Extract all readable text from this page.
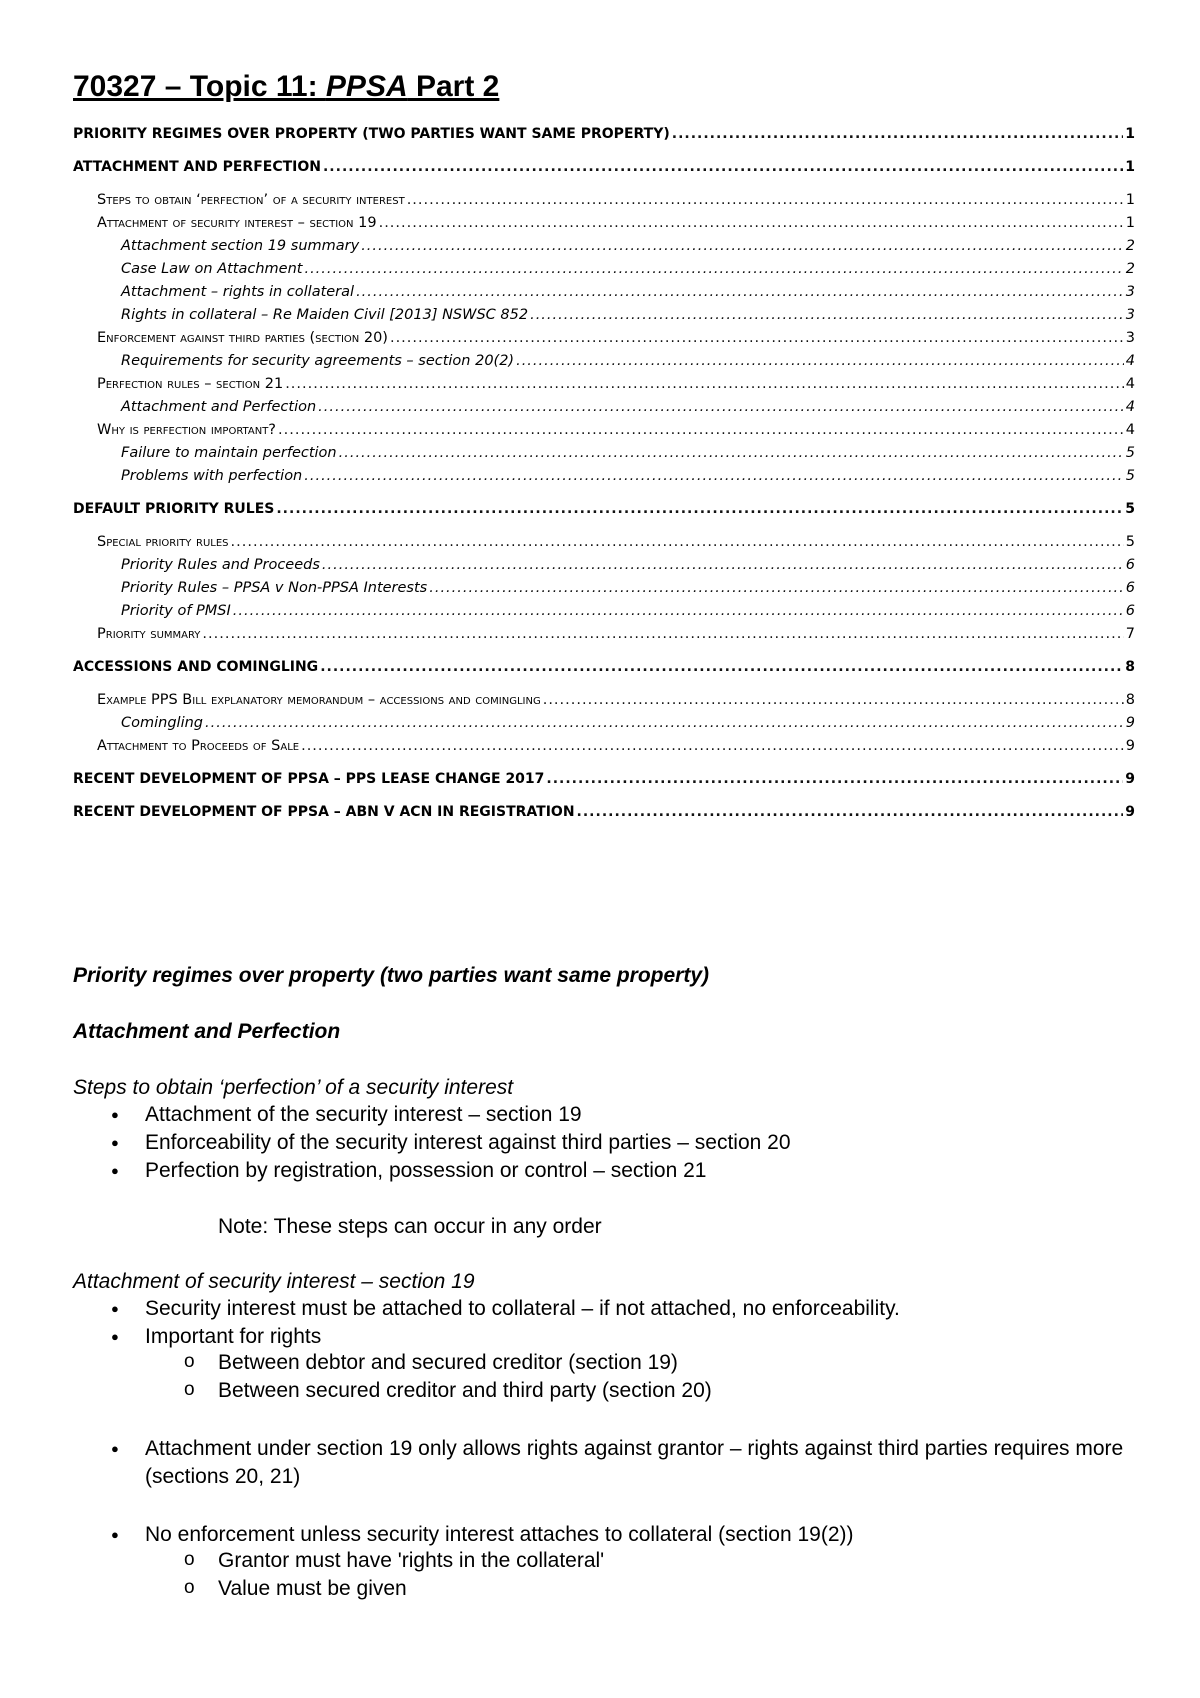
70327 – Topic 11: PPSA Part 2
PRIORITY REGIMES OVER PROPERTY (TWO PARTIES WANT SAME PROPERTY) .....	1
ATTACHMENT AND PERFECTION .....	1
Steps to obtain ‘perfection’ of a security interest .....	1
Attachment of security interest – section 19 .....	1
Attachment section 19 summary .....	2
Case Law on Attachment .....	2
Attachment – rights in collateral .....	3
Rights in collateral – Re Maiden Civil [2013] NSWSC 852 .....	3
Enforcement against third parties (section 20) .....	3
Requirements for security agreements – section 20(2) .....	4
Perfection rules – section 21 .....	4
Attachment and Perfection .....	4
Why is perfection important? .....	4
Failure to maintain perfection .....	5
Problems with perfection .....	5
DEFAULT PRIORITY RULES .....	5
Special priority rules .....	5
Priority Rules and Proceeds .....	6
Priority Rules – PPSA v Non-PPSA Interests .....	6
Priority of PMSI .....	6
Priority summary .....	7
ACCESSIONS AND COMINGLING .....	8
Example PPS Bill explanatory memorandum – accessions and comingling .....	8
Comingling .....	9
Attachment to Proceeds of Sale .....	9
RECENT DEVELOPMENT OF PPSA – PPS LEASE CHANGE 2017 .....	9
RECENT DEVELOPMENT OF PPSA – ABN V ACN IN REGISTRATION .....	9
Priority regimes over property (two parties want same property)
Attachment and Perfection
Steps to obtain ‘perfection’ of a security interest
● Attachment of the security interest – section 19
● Enforceability of the security interest against third parties – section 20
● Perfection by registration, possession or control – section 21
Note: These steps can occur in any order
Attachment of security interest – section 19
● Security interest must be attached to collateral – if not attached, no enforceability.
● Important for rights
o Between debtor and secured creditor (section 19)
o Between secured creditor and third party (section 20)
● Attachment under section 19 only allows rights against grantor – rights against third parties requires more (sections 20, 21)
● No enforcement unless security interest attaches to collateral (section 19(2))
o Grantor must have 'rights in the collateral'
o Value must be given
